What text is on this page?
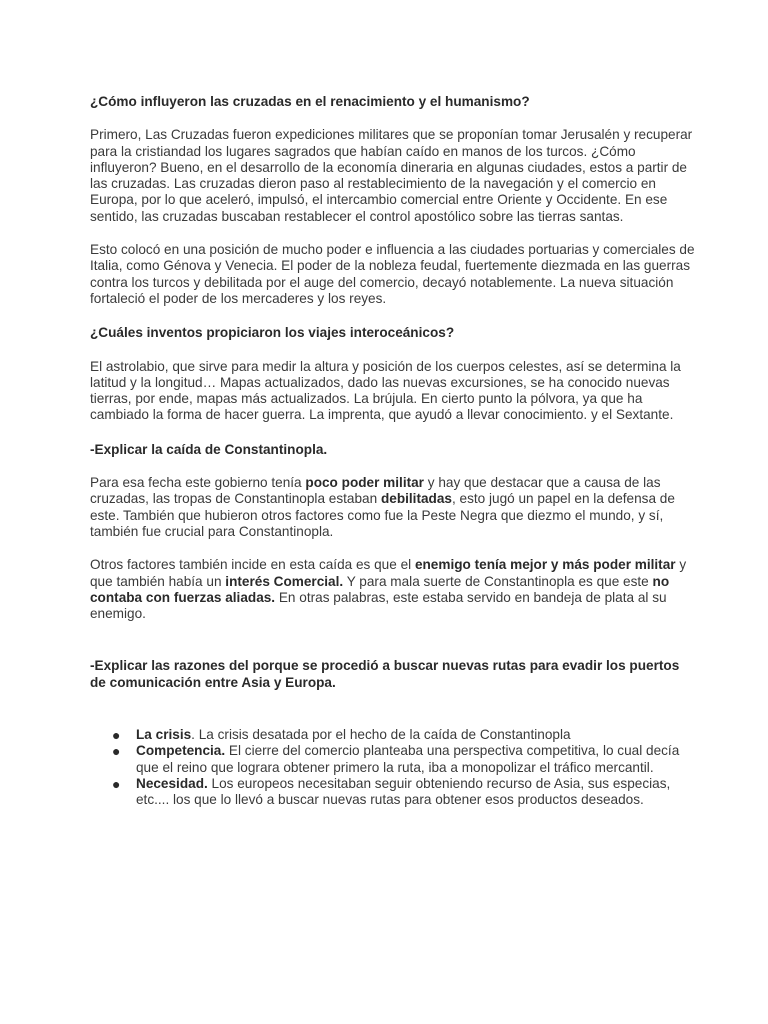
¿Cómo influyeron las cruzadas en el renacimiento y el humanismo?

Primero, Las Cruzadas fueron expediciones militares que se proponían tomar Jerusalén y recuperar para la cristiandad los lugares sagrados que habían caído en manos de los turcos. ¿Cómo influyeron? Bueno, en el desarrollo de la economía dineraria en algunas ciudades, estos a partir de las cruzadas. Las cruzadas dieron paso al restablecimiento de la navegación y el comercio en Europa, por lo que aceleró, impulsó, el intercambio comercial entre Oriente y Occidente. En ese sentido, las cruzadas buscaban restablecer el control apostólico sobre las tierras santas.

Esto colocó en una posición de mucho poder e influencia a las ciudades portuarias y comerciales de Italia, como Génova y Venecia. El poder de la nobleza feudal, fuertemente diezmada en las guerras contra los turcos y debilitada por el auge del comercio, decayó notablemente. La nueva situación fortaleció el poder de los mercaderes y los reyes.

¿Cuáles inventos propiciaron los viajes interoceánicos?

El astrolabio, que sirve para medir la altura y posición de los cuerpos celestes, así se determina la latitud y la longitud… Mapas actualizados, dado las nuevas excursiones, se ha conocido nuevas tierras, por ende, mapas más actualizados. La brújula. En cierto punto la pólvora, ya que ha cambiado la forma de hacer guerra. La imprenta, que ayudó a llevar conocimiento. y el Sextante.

-Explicar la caída de Constantinopla.

Para esa fecha este gobierno tenía poco poder militar y hay que destacar que a causa de las cruzadas, las tropas de Constantinopla estaban debilitadas, esto jugó un papel en la defensa de este. También que hubieron otros factores como fue la Peste Negra que diezmo el mundo, y sí, también fue crucial para Constantinopla.

Otros factores también incide en esta caída es que el enemigo tenía mejor y más poder militar y que también había un interés Comercial. Y para mala suerte de Constantinopla es que este no contaba con fuerzas aliadas. En otras palabras, este estaba servido en bandeja de plata al su enemigo.

-Explicar las razones del porque se procedió a buscar nuevas rutas para evadir los puertos de comunicación entre Asia y Europa.

● La crisis. La crisis desatada por el hecho de la caída de Constantinopla
● Competencia. El cierre del comercio planteaba una perspectiva competitiva, lo cual decía que el reino que lograra obtener primero la ruta, iba a monopolizar el tráfico mercantil.
● Necesidad. Los europeos necesitaban seguir obteniendo recurso de Asia, sus especias, etc.... los que lo llevó a buscar nuevas rutas para obtener esos productos deseados.
